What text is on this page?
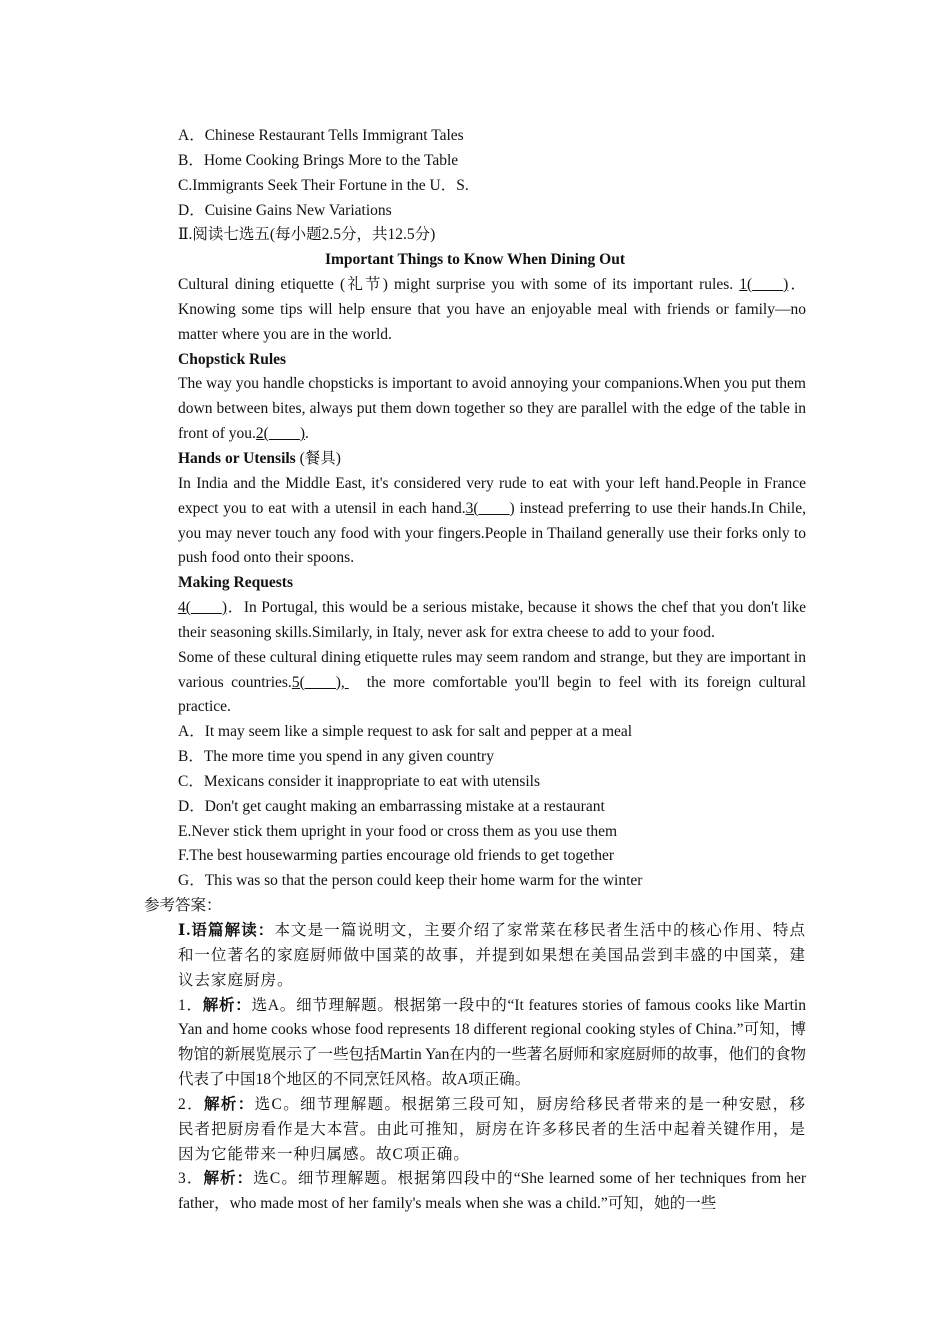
A．Chinese Restaurant Tells Immigrant Tales
B．Home Cooking Brings More to the Table
C.Immigrants Seek Their Fortune in the U．S.
D．Cuisine Gains New Variations
Ⅱ.阅读七选五(每小题2.5分，共12.5分)
Important Things to Know When Dining Out
Cultural dining etiquette (礼节) might surprise you with some of its important rules. 1(____)．Knowing some tips will help ensure that you have an enjoyable meal with friends or family—no matter where you are in the world.
Chopstick Rules
The way you handle chopsticks is important to avoid annoying your companions.When you put them down between bites, always put them down together so they are parallel with the edge of the table in front of you.2(____).
Hands or Utensils (餐具)
In India and the Middle East, it's considered very rude to eat with your left hand.People in France expect you to eat with a utensil in each hand.3(____) instead preferring to use their hands.In Chile, you may never touch any food with your fingers.People in Thailand generally use their forks only to push food onto their spoons.
Making Requests
4(____)．In Portugal, this would be a serious mistake, because it shows the chef that you don't like their seasoning skills.Similarly, in Italy, never ask for extra cheese to add to your food.
Some of these cultural dining etiquette rules may seem random and strange, but they are important in various countries.5(____), the more comfortable you'll begin to feel with its foreign cultural practice.
A．It may seem like a simple request to ask for salt and pepper at a meal
B．The more time you spend in any given country
C．Mexicans consider it inappropriate to eat with utensils
D．Don't get caught making an embarrassing mistake at a restaurant
E.Never stick them upright in your food or cross them as you use them
F.The best housewarming parties encourage old friends to get together
G．This was so that the person could keep their home warm for the winter
参考答案：
Ⅰ.语篇解读：本文是一篇说明文，主要介绍了家常菜在移民者生活中的核心作用、特点和一位著名的家庭厨师做中国菜的故事，并提到如果想在美国品尝到丰盛的中国菜，建议去家庭厨房。
1．解析：选A。细节理解题。根据第一段中的“It features stories of famous cooks like Martin Yan and home cooks whose food represents 18 different regional cooking styles of China.”可知，博物馆的新展览展示了一些包括Martin Yan在内的一些著名厨师和家庭厨师的故事，他们的食物代表了中国18个地区的不同烹饪风格。故A项正确。
2．解析：选C。细节理解题。根据第三段可知，厨房给移民者带来的是一种安慰，移民者把厨房看作是大本营。由此可推知，厨房在许多移民者的生活中起着关键作用，是因为它能带来一种归属感。故C项正确。
3．解析：选C。细节理解题。根据第四段中的“She learned some of her techniques from her father，who made most of her family's meals when she was a child.”可知，她的一些
